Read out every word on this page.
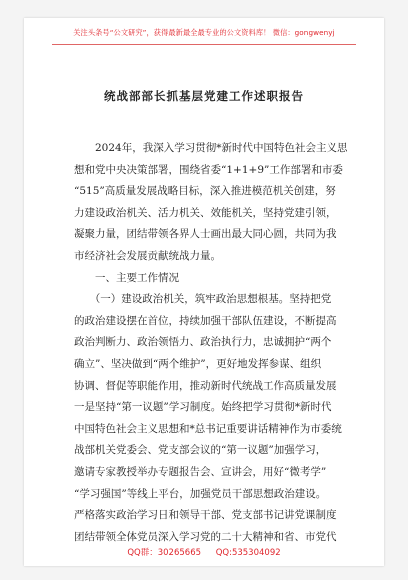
关注头条号“公文研究”，获得最新最全最专业的公文资料库！ 微信：gongwenyj
统战部部长抓基层党建工作述职报告
　　2024年，我深入学习贯彻*新时代中国特色社会主义思
想和党中央决策部署，围绕省委“1+1+9”工作部署和市委
“515”高质量发展战略目标，深入推进模范机关创建，努
力建设政治机关、活力机关、效能机关，坚持党建引领，
凝聚力量，团结带领各界人士画出最大同心圆，共同为我
市经济社会发展贡献统战力量。
　　一、主要工作情况
　　（一）建设政治机关，筑牢政治思想根基。坚持把党
的政治建设摆在首位，持续加强干部队伍建设，不断提高
政治判断力、政治领悟力、政治执行力，忠诚拥护“两个
确立”、坚决做到“两个维护”，更好地发挥参谋、组织
协调、督促等职能作用，推动新时代统战工作高质量发展
一是坚持“第一议题”学习制度。始终把学习贯彻*新时代
中国特色社会主义思想和*总书记重要讲话精神作为市委统
战部机关党委会、党支部会议的“第一议题”加强学习，
邀请专家教授举办专题报告会、宣讲会，用好“微考学”
“学习强国”等线上平台，加强党员干部思想政治建设。
严格落实政治学习日和领导干部、党支部书记讲党课制度
团结带领全体党员深入学习党的二十大精神和省、市党代
QQ群：30265665 QQ:535304092
